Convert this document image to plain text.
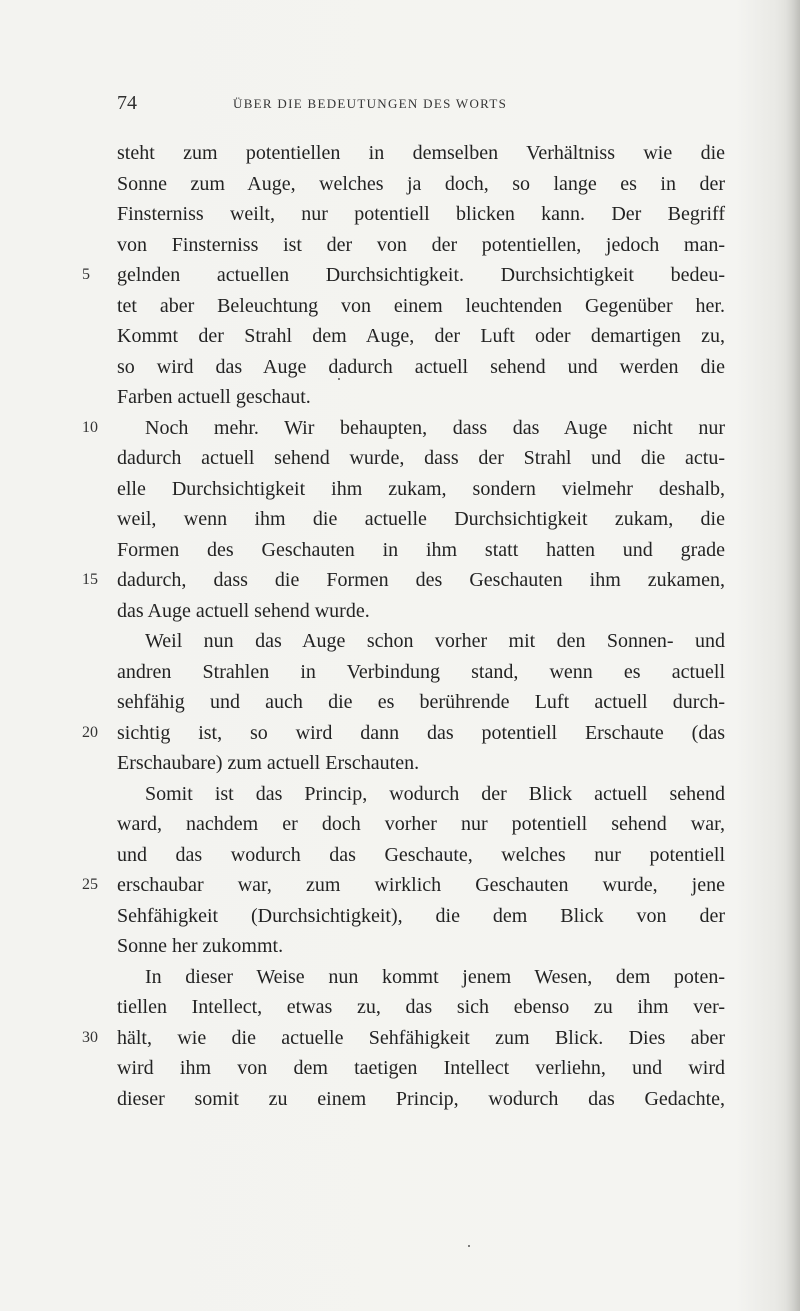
74	ÜBER DIE BEDEUTUNGEN DES WORTS
steht zum potentiellen in demselben Verhältniss wie die
Sonne zum Auge, welches ja doch, so lange es in der
Finsterniss weilt, nur potentiell blicken kann. Der Begriff
von Finsterniss ist der von der potentiellen, jedoch man-
5	gelnden actuellen Durchsichtigkeit. Durchsichtigkeit bedeu-
tet aber Beleuchtung von einem leuchtenden Gegenüber her.
Kommt der Strahl dem Auge, der Luft oder demartigen zu,
so wird das Auge dadurch actuell sehend und werden die
Farben actuell geschaut.
10	Noch mehr. Wir behaupten, dass das Auge nicht nur
dadurch actuell sehend wurde, dass der Strahl und die actu-
elle Durchsichtigkeit ihm zukam, sondern vielmehr deshalb,
weil, wenn ihm die actuelle Durchsichtigkeit zukam, die
Formen des Geschauten in ihm statt hatten und grade
15 dadurch, dass die Formen des Geschauten ihm zukamen,
das Auge actuell sehend wurde.
Weil nun das Auge schon vorher mit den Sonnen- und
andren Strahlen in Verbindung stand, wenn es actuell
sehfähig und auch die es berührende Luft actuell durch-
20 sichtig ist, so wird dann das potentiell Erschaute (das
Erschaubare) zum actuell Erschauten.
Somit ist das Princip, wodurch der Blick actuell sehend
ward, nachdem er doch vorher nur potentiell sehend war,
und das wodurch das Geschaute, welches nur potentiell
25 erschaubar war, zum wirklich Geschauten wurde, jene
Sehfähigkeit (Durchsichtigkeit), die dem Blick von der
Sonne her zukommt.
In dieser Weise nun kommt jenem Wesen, dem poten-
tiellen Intellect, etwas zu, das sich ebenso zu ihm ver-
30 hält, wie die actuelle Sehfähigkeit zum Blick. Dies aber
wird ihm von dem taetigen Intellect verliehn, und wird
dieser somit zu einem Princip, wodurch das Gedachte,
